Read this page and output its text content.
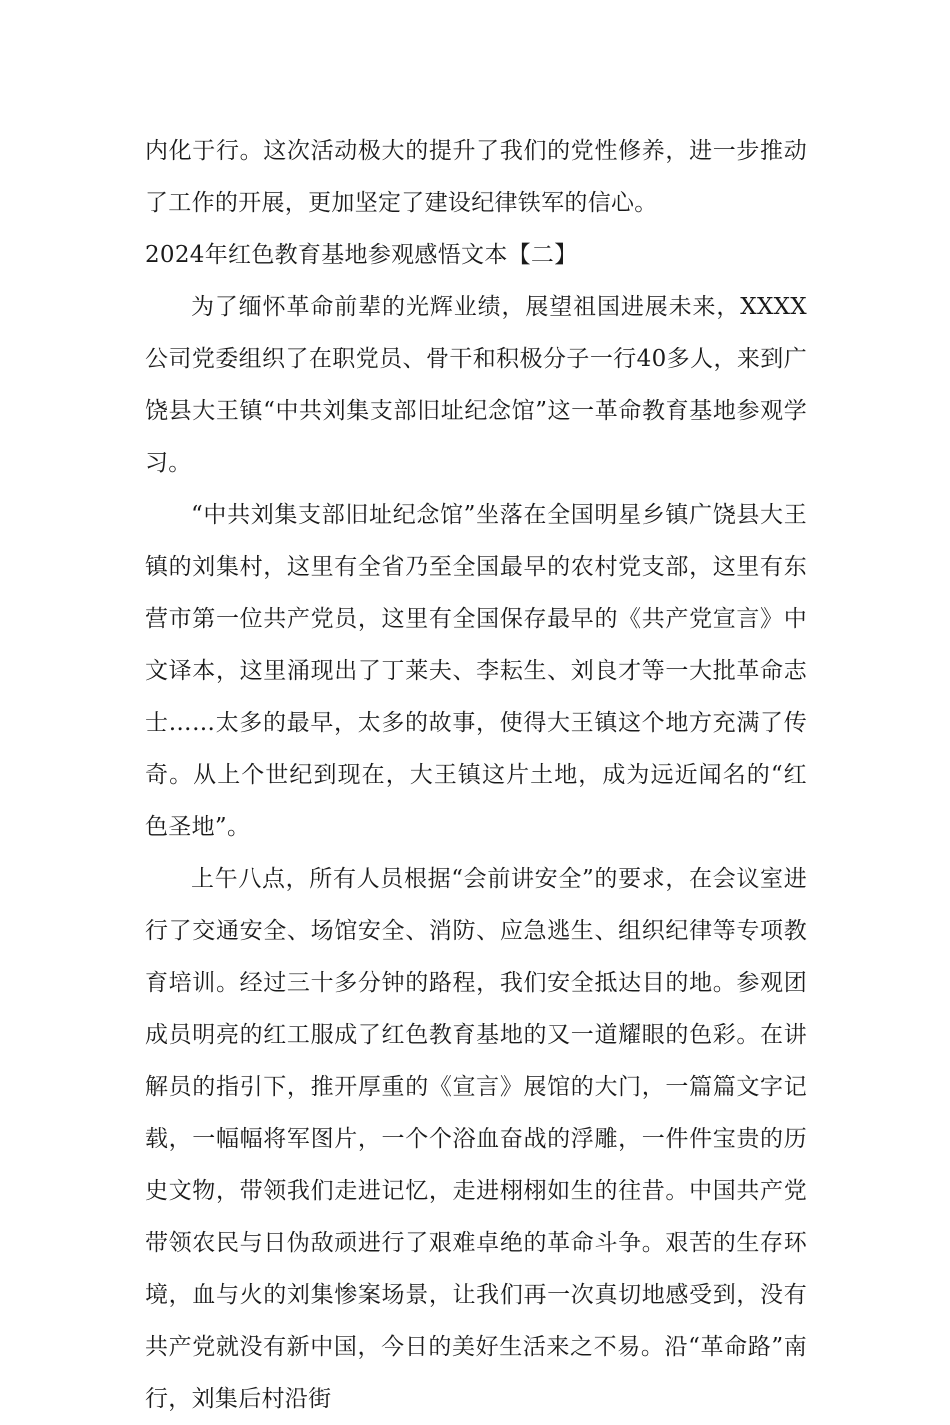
内化于行。这次活动极大的提升了我们的党性修养，进一步推动了工作的开展，更加坚定了建设纪律铁军的信心。

2024年红色教育基地参观感悟文本【二】

为了缅怀革命前辈的光辉业绩，展望祖国进展未来，XXXX公司党委组织了在职党员、骨干和积极分子一行40多人，来到广饶县大王镇“中共刘集支部旧址纪念馆”这一革命教育基地参观学习。

“中共刘集支部旧址纪念馆”坐落在全国明星乡镇广饶县大王镇的刘集村，这里有全省乃至全国最早的农村党支部，这里有东营市第一位共产党员，这里有全国保存最早的《共产党宣言》中文译本，这里涌现出了丁莱夫、李耘生、刘良才等一大批革命志士……太多的最早，太多的故事，使得大王镇这个地方充满了传奇。从上个世纪到现在，大王镇这片土地，成为远近闻名的“红色圣地”。

上午八点，所有人员根据“会前讲安全”的要求，在会议室进行了交通安全、场馆安全、消防、应急逃生、组织纪律等专项教育培训。经过三十多分钟的路程，我们安全抵达目的地。参观团成员明亮的红工服成了红色教育基地的又一道耀眼的色彩。在讲解员的指引下，推开厚重的《宣言》展馆的大门，一篇篇文字记载，一幅幅将军图片，一个个浴血奋战的浮雕，一件件宝贵的历史文物，带领我们走进记忆，走进栩栩如生的往昔。中国共产党带领农民与日伪敌顽进行了艰难卓绝的革命斗争。艰苦的生存环境，血与火的刘集惨案场景，让我们再一次真切地感受到，没有共产党就没有新中国，今日的美好生活来之不易。沿“革命路”南行，刘集后村沿街
